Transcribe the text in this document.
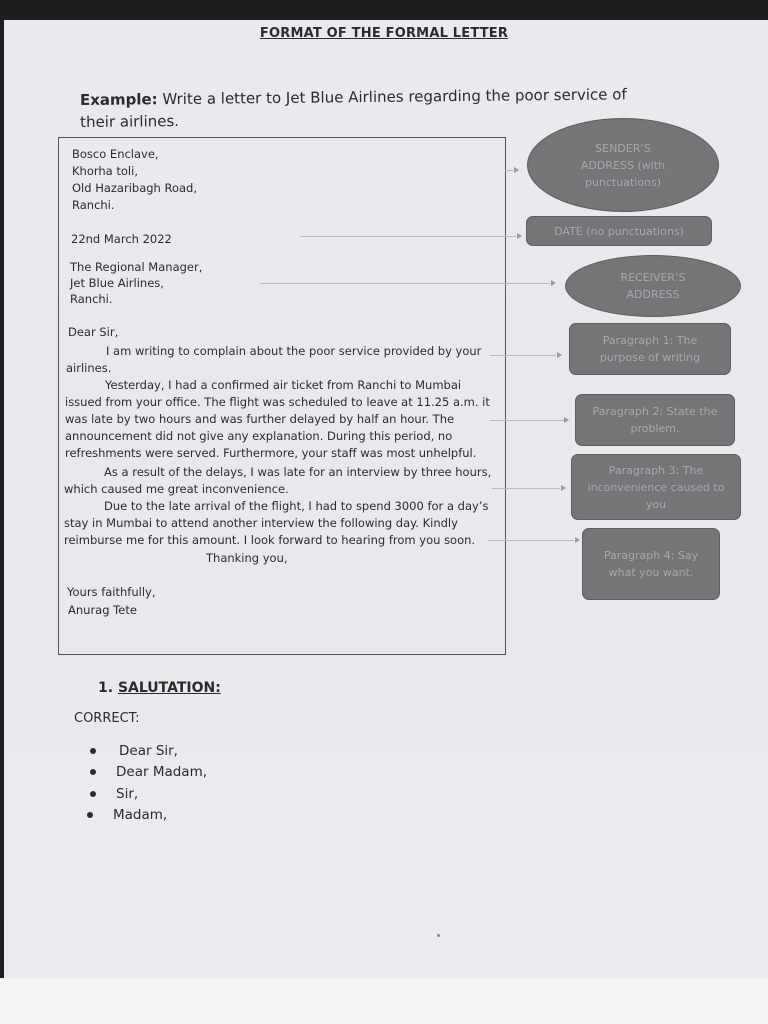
FORMAT OF THE FORMAL LETTER
Example: Write a letter to Jet Blue Airlines regarding the poor service of their airlines.
Bosco Enclave,
Khorha toli,
Old Hazaribagh Road,
Ranchi.
22nd March 2022
The Regional Manager,
Jet Blue Airlines,
Ranchi.
Dear Sir,
I am writing to complain about the poor service provided by your airlines.
Yesterday, I had a confirmed air ticket from Ranchi to Mumbai issued from your office. The flight was scheduled to leave at 11.25 a.m. it was late by two hours and was further delayed by half an hour. The announcement did not give any explanation. During this period, no refreshments were served. Furthermore, your staff was most unhelpful.
As a result of the delays, I was late for an interview by three hours, which caused me great inconvenience.
Due to the late arrival of the flight, I had to spend 3000 for a day’s stay in Mumbai to attend another interview the following day. Kindly reimburse me for this amount. I look forward to hearing from you soon.
Thanking you,
Yours faithfully,
Anurag Tete
SENDER’S ADDRESS (with punctuations)
DATE (no punctuations)
RECEIVER’S ADDRESS
Paragraph 1: The purpose of writing
Paragraph 2: State the problem.
Paragraph 3: The inconvenience caused to you
Paragraph 4: Say what you want.
1. SALUTATION:
CORRECT:
Dear Sir,
Dear Madam,
Sir,
Madam,
